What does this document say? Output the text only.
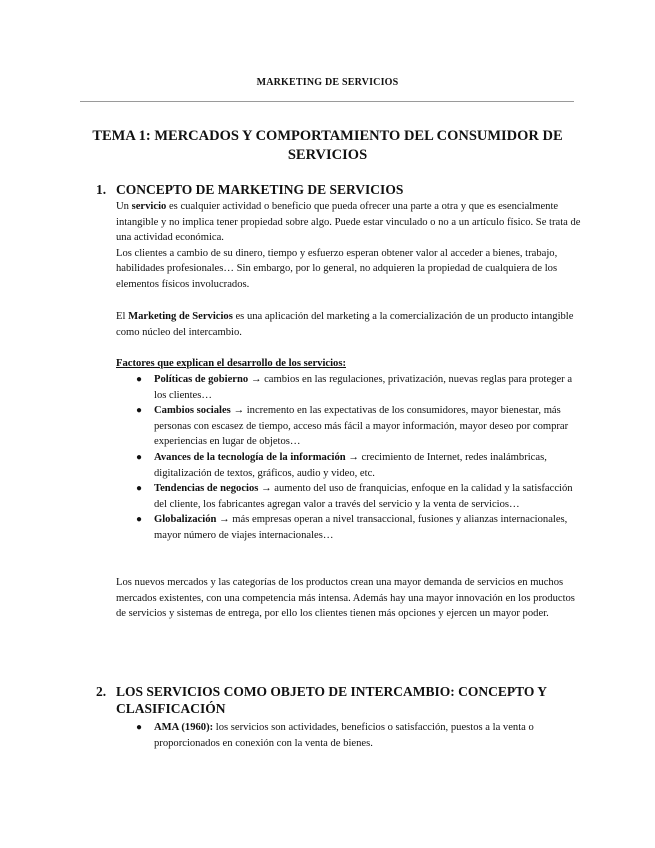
MARKETING DE SERVICIOS
TEMA 1: MERCADOS Y COMPORTAMIENTO DEL CONSUMIDOR DE SERVICIOS
1. CONCEPTO DE MARKETING DE SERVICIOS

Un servicio es cualquier actividad o beneficio que pueda ofrecer una parte a otra y que es esencialmente intangible y no implica tener propiedad sobre algo. Puede estar vinculado o no a un artículo físico. Se trata de una actividad económica.

Los clientes a cambio de su dinero, tiempo y esfuerzo esperan obtener valor al acceder a bienes, trabajo, habilidades profesionales… Sin embargo, por lo general, no adquieren la propiedad de cualquiera de los elementos físicos involucrados.

El Marketing de Servicios es una aplicación del marketing a la comercialización de un producto intangible como núcleo del intercambio.

Factores que explican el desarrollo de los servicios:
● Políticas de gobierno → cambios en las regulaciones, privatización, nuevas reglas para proteger a los clientes…
● Cambios sociales → incremento en las expectativas de los consumidores, mayor bienestar, más personas con escasez de tiempo, acceso más fácil a mayor información, mayor deseo por comprar experiencias en lugar de objetos…
● Avances de la tecnología de la información → crecimiento de Internet, redes inalámbricas, digitalización de textos, gráficos, audio y video, etc.
● Tendencias de negocios → aumento del uso de franquicias, enfoque en la calidad y la satisfacción del cliente, los fabricantes agregan valor a través del servicio y la venta de servicios…
● Globalización → más empresas operan a nivel transaccional, fusiones y alianzas internacionales, mayor número de viajes internacionales…
Los nuevos mercados y las categorías de los productos crean una mayor demanda de servicios en muchos mercados existentes, con una competencia más intensa. Además hay una mayor innovación en los productos de servicios y sistemas de entrega, por ello los clientes tienen más opciones y ejercen un mayor poder.
2. LOS SERVICIOS COMO OBJETO DE INTERCAMBIO: CONCEPTO Y CLASIFICACIÓN
● AMA (1960): los servicios son actividades, beneficios o satisfacción, puestos a la venta o proporcionados en conexión con la venta de bienes.
